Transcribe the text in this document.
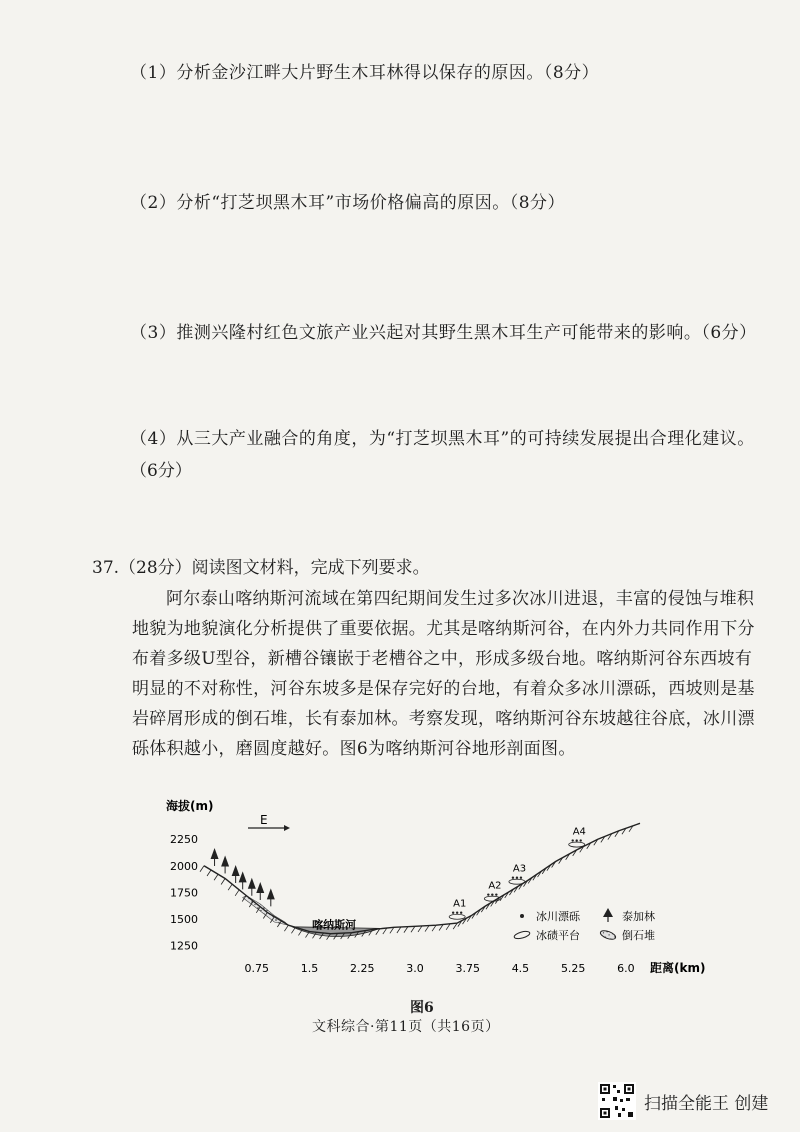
（1）分析金沙江畔大片野生木耳林得以保存的原因。（8分）
（2）分析“打芝坝黑木耳”市场价格偏高的原因。（8分）
（3）推测兴隆村红色文旅产业兴起对其野生黑木耳生产可能带来的影响。（6分）
（4）从三大产业融合的角度，为“打芝坝黑木耳”的可持续发展提出合理化建议。
（6分）
37.（28分）阅读图文材料，完成下列要求。
阿尔泰山喀纳斯河流域在第四纪期间发生过多次冰川进退，丰富的侵蚀与堆积
地貌为地貌演化分析提供了重要依据。尤其是喀纳斯河谷，在内外力共同作用下分
布着多级U型谷，新槽谷镶嵌于老槽谷之中，形成多级台地。喀纳斯河谷东西坡有
明显的不对称性，河谷东坡多是保存完好的台地，有着众多冰川漂砾，西坡则是基
岩碎屑形成的倒石堆，长有泰加林。考察发现，喀纳斯河谷东坡越往谷底，冰川漂
砾体积越小，磨圆度越好。图6为喀纳斯河谷地形剖面图。
海拔(m)
E
2250
2000
1750
1500
1250
0.75	1.5	2.25	3.0	3.75	4.5	5.25	6.0
A1
A2
A3
A4
喀纳斯河
距离(km)
冰川漂砾	泰加林
冰碛平台	倒石堆
图6
文科综合·第11页（共16页）
扫描全能王 创建
